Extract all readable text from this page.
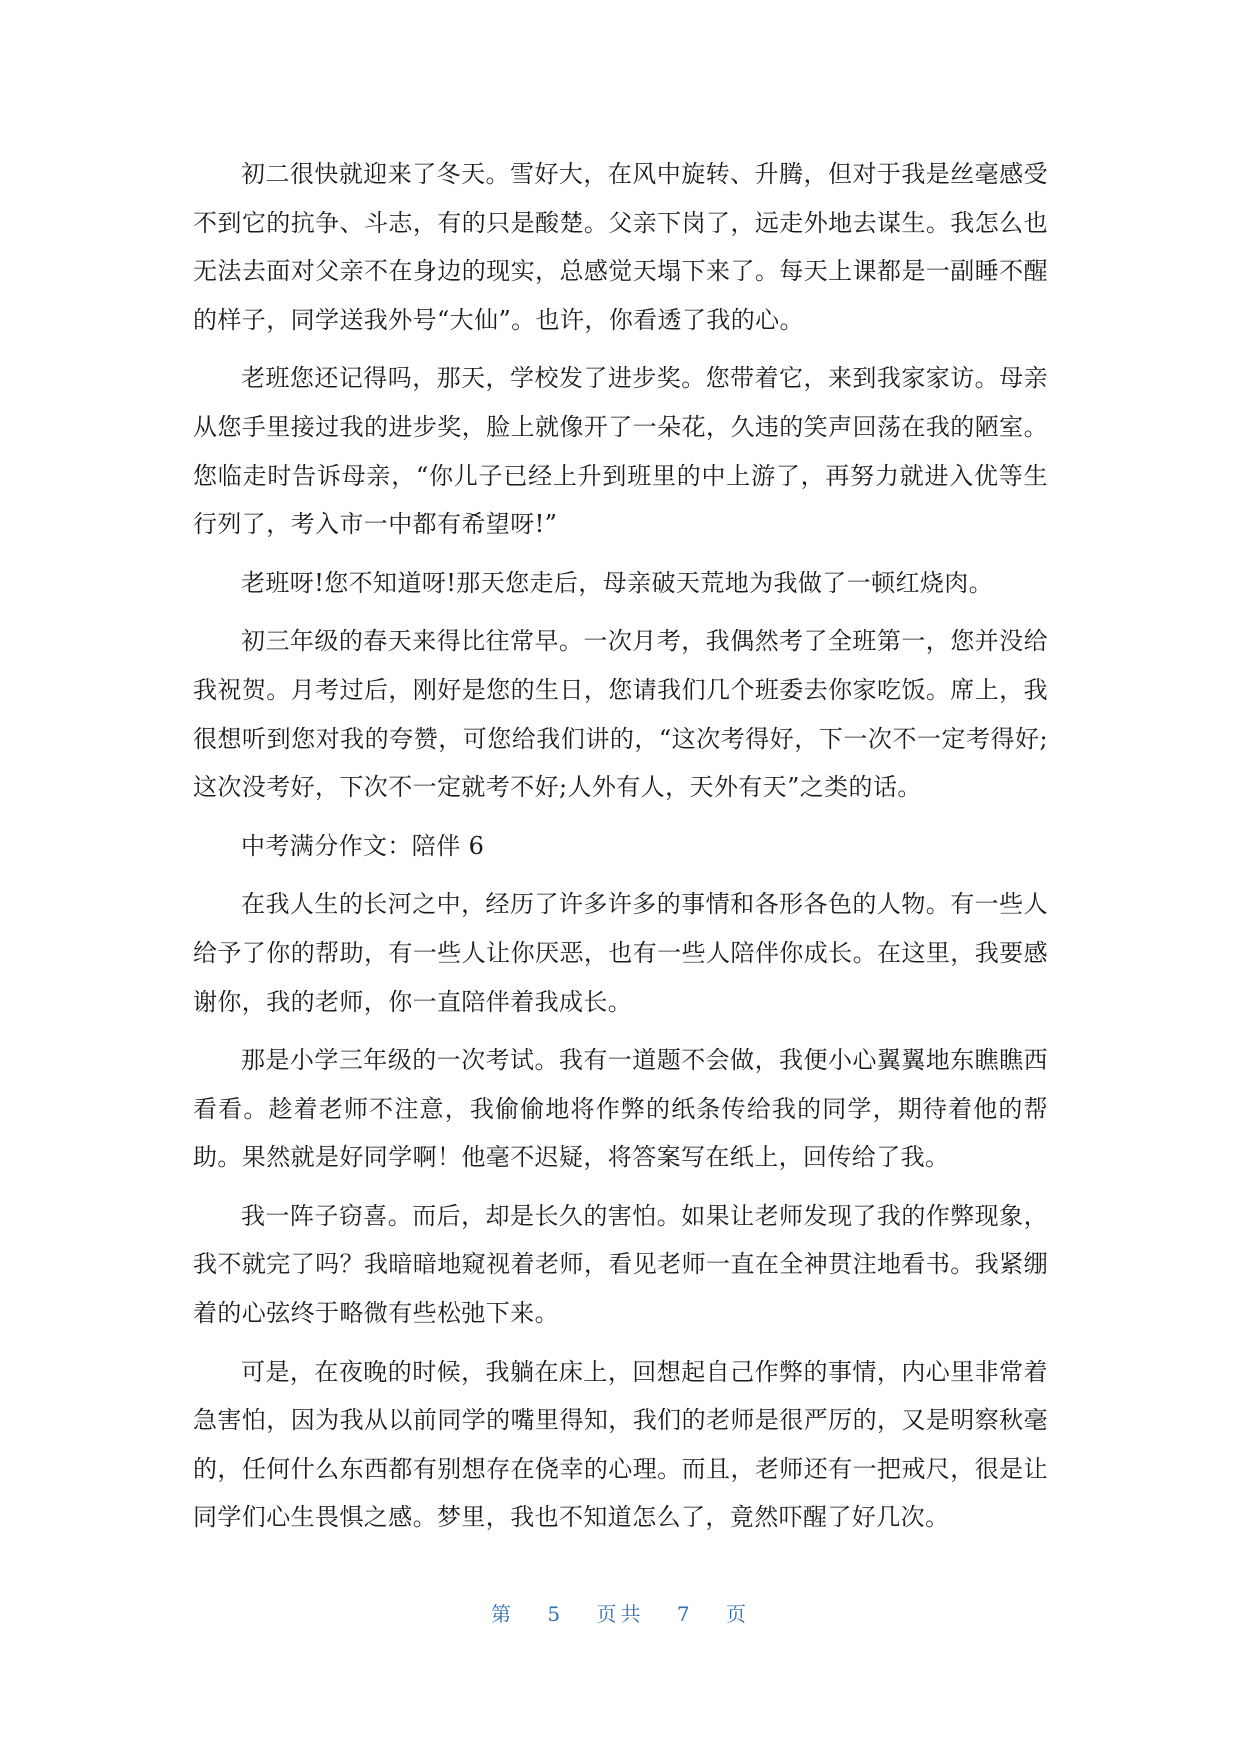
初二很快就迎来了冬天。雪好大，在风中旋转、升腾，但对于我是丝毫感受不到它的抗争、斗志，有的只是酸楚。父亲下岗了，远走外地去谋生。我怎么也无法去面对父亲不在身边的现实，总感觉天塌下来了。每天上课都是一副睡不醒的样子，同学送我外号“大仙”。也许，你看透了我的心。

老班您还记得吗，那天，学校发了进步奖。您带着它，来到我家家访。母亲从您手里接过我的进步奖，脸上就像开了一朵花，久违的笑声回荡在我的陋室。您临走时告诉母亲，“你儿子已经上升到班里的中上游了，再努力就进入优等生行列了，考入市一中都有希望呀!”

老班呀!您不知道呀!那天您走后，母亲破天荒地为我做了一顿红烧肉。

初三年级的春天来得比往常早。一次月考，我偶然考了全班第一，您并没给我祝贺。月考过后，刚好是您的生日，您请我们几个班委去你家吃饭。席上，我很想听到您对我的夸赞，可您给我们讲的，“这次考得好，下一次不一定考得好;这次没考好，下次不一定就考不好;人外有人，天外有天”之类的话。

中考满分作文：陪伴 6

在我人生的长河之中，经历了许多许多的事情和各形各色的人物。有一些人给予了你的帮助，有一些人让你厌恶，也有一些人陪伴你成长。在这里，我要感谢你，我的老师，你一直陪伴着我成长。

那是小学三年级的一次考试。我有一道题不会做，我便小心翼翼地东瞧瞧西看看。趁着老师不注意，我偷偷地将作弊的纸条传给我的同学，期待着他的帮助。果然就是好同学啊！他毫不迟疑，将答案写在纸上，回传给了我。

我一阵子窃喜。而后，却是长久的害怕。如果让老师发现了我的作弊现象，我不就完了吗？我暗暗地窥视着老师，看见老师一直在全神贯注地看书。我紧绷着的心弦终于略微有些松弛下来。

可是，在夜晚的时候，我躺在床上，回想起自己作弊的事情，内心里非常着急害怕，因为我从以前同学的嘴里得知，我们的老师是很严厉的，又是明察秋毫的，任何什么东西都有别想存在侥幸的心理。而且，老师还有一把戒尺，很是让同学们心生畏惧之感。梦里，我也不知道怎么了，竟然吓醒了好几次。

第 5 页共 7 页
